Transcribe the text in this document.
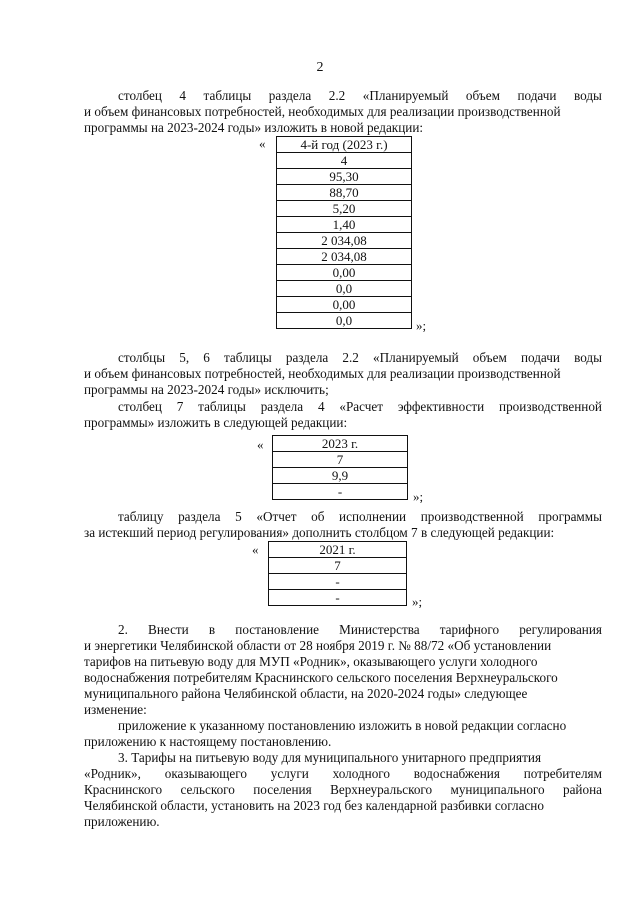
2
столбец 4 таблицы раздела 2.2 «Планируемый объем подачи воды
и объем финансовых потребностей, необходимых для реализации производственной
программы на 2023-2024 годы» изложить в новой редакции:
«	4-й год (2023 г.)
4
95,30
88,70
5,20
1,40
2 034,08
2 034,08
0,00
0,0
0,00
0,0	»;
столбцы 5, 6 таблицы раздела 2.2 «Планируемый объем подачи воды
и объем финансовых потребностей, необходимых для реализации производственной
программы на 2023-2024 годы» исключить;
столбец 7 таблицы раздела 4 «Расчет эффективности производственной
программы» изложить в следующей редакции:
«	2023 г.
7
9,9
-	»;
таблицу раздела 5 «Отчет об исполнении производственной программы
за истекший период регулирования» дополнить столбцом 7 в следующей редакции:
«	2021 г.
7
-
-	»;
2. Внести в постановление Министерства тарифного регулирования
и энергетики Челябинской области от 28 ноября 2019 г. № 88/72 «Об установлении
тарифов на питьевую воду для МУП «Родник», оказывающего услуги холодного
водоснабжения потребителям Краснинского сельского поселения Верхнеуральского
муниципального района Челябинской области, на 2020-2024 годы» следующее
изменение:
приложение к указанному постановлению изложить в новой редакции согласно
приложению к настоящему постановлению.
3. Тарифы на питьевую воду для муниципального унитарного предприятия
«Родник», оказывающего услуги холодного водоснабжения потребителям
Краснинского сельского поселения Верхнеуральского муниципального района
Челябинской области, установить на 2023 год без календарной разбивки согласно
приложению.
